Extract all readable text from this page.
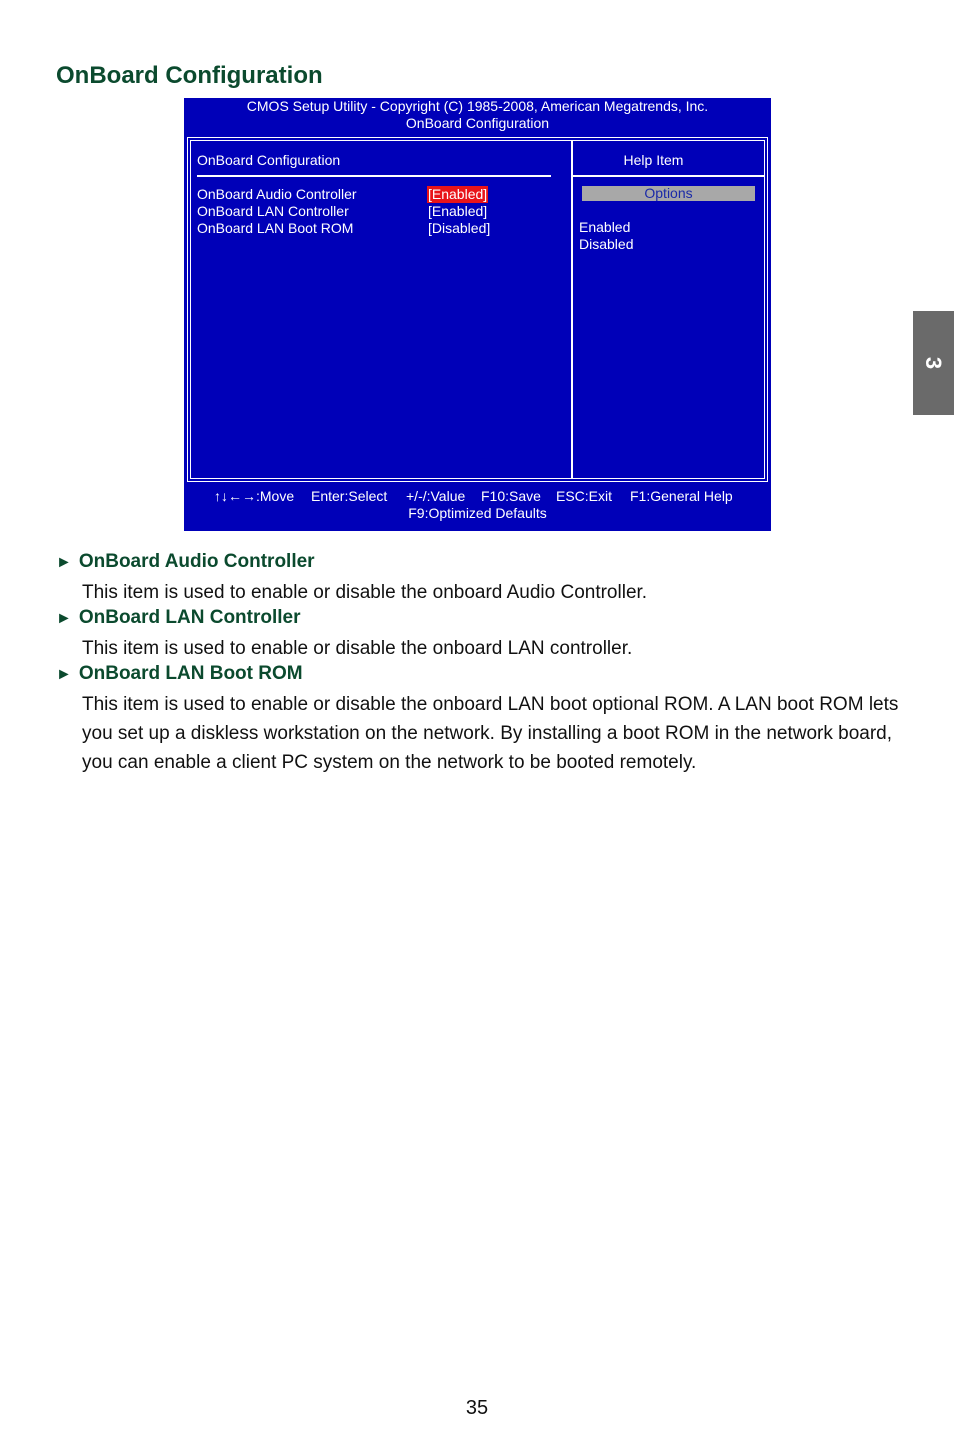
OnBoard Configuration
3
CMOS Setup Utility - Copyright (C) 1985-2008, American Megatrends, Inc.
OnBoard Configuration
OnBoard Configuration
OnBoard Audio Controller	[Enabled]
OnBoard LAN Controller	[Enabled]
OnBoard LAN Boot ROM	[Disabled]
Help Item
Options
Enabled
Disabled
↑↓←→:Move Enter:Select +/-/:Value F10:Save ESC:Exit F1:General Help
F9:Optimized Defaults
► OnBoard Audio Controller

This item is used to enable or disable the onboard Audio Controller.

► OnBoard LAN Controller

This item is used to enable or disable the onboard LAN controller.

► OnBoard LAN Boot ROM

This item is used to enable or disable the onboard LAN boot optional ROM. A LAN boot ROM lets you set up a diskless workstation on the network. By installing a boot ROM in the network board, you can enable a client PC system on the network to be booted remotely.

35
